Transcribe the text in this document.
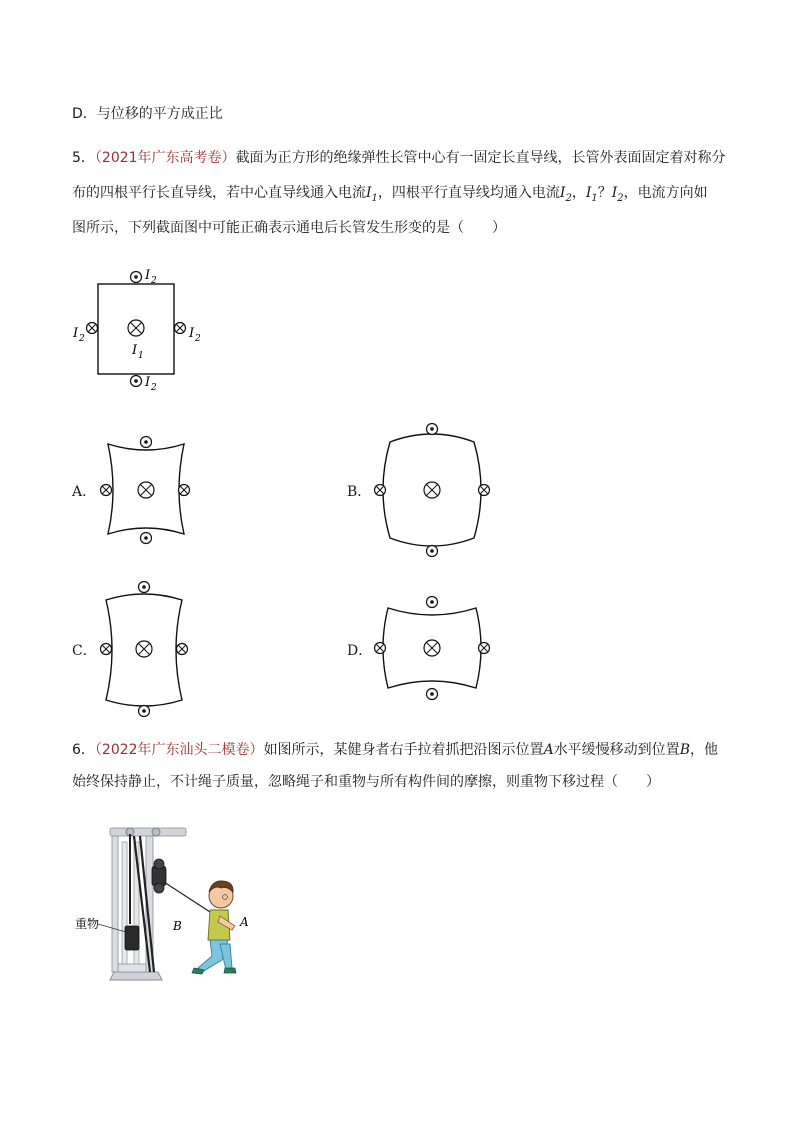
D．与位移的平方成正比
5．（2021年广东高考卷）截面为正方形的绝缘弹性长管中心有一固定长直导线，长管外表面固定着对称分
布的四根平行长直导线，若中心直导线通入电流$I_1$，四根平行直导线均通入电流$I_2$，$I_1$？$I_2$，电流方向如
图所示，下列截面图中可能正确表示通电后长管发生形变的是（　　）
I 2
I 2
I 2	I 2
I 1
A．	B．
C．	D．
6．（2022年广东汕头二模卷）如图所示，某健身者右手拉着抓把沿图示位置A水平缓慢移动到位置B，他
始终保持静止，不计绳子质量，忽略绳子和重物与所有构件间的摩擦，则重物下移过程（　　）
重物	B	A
